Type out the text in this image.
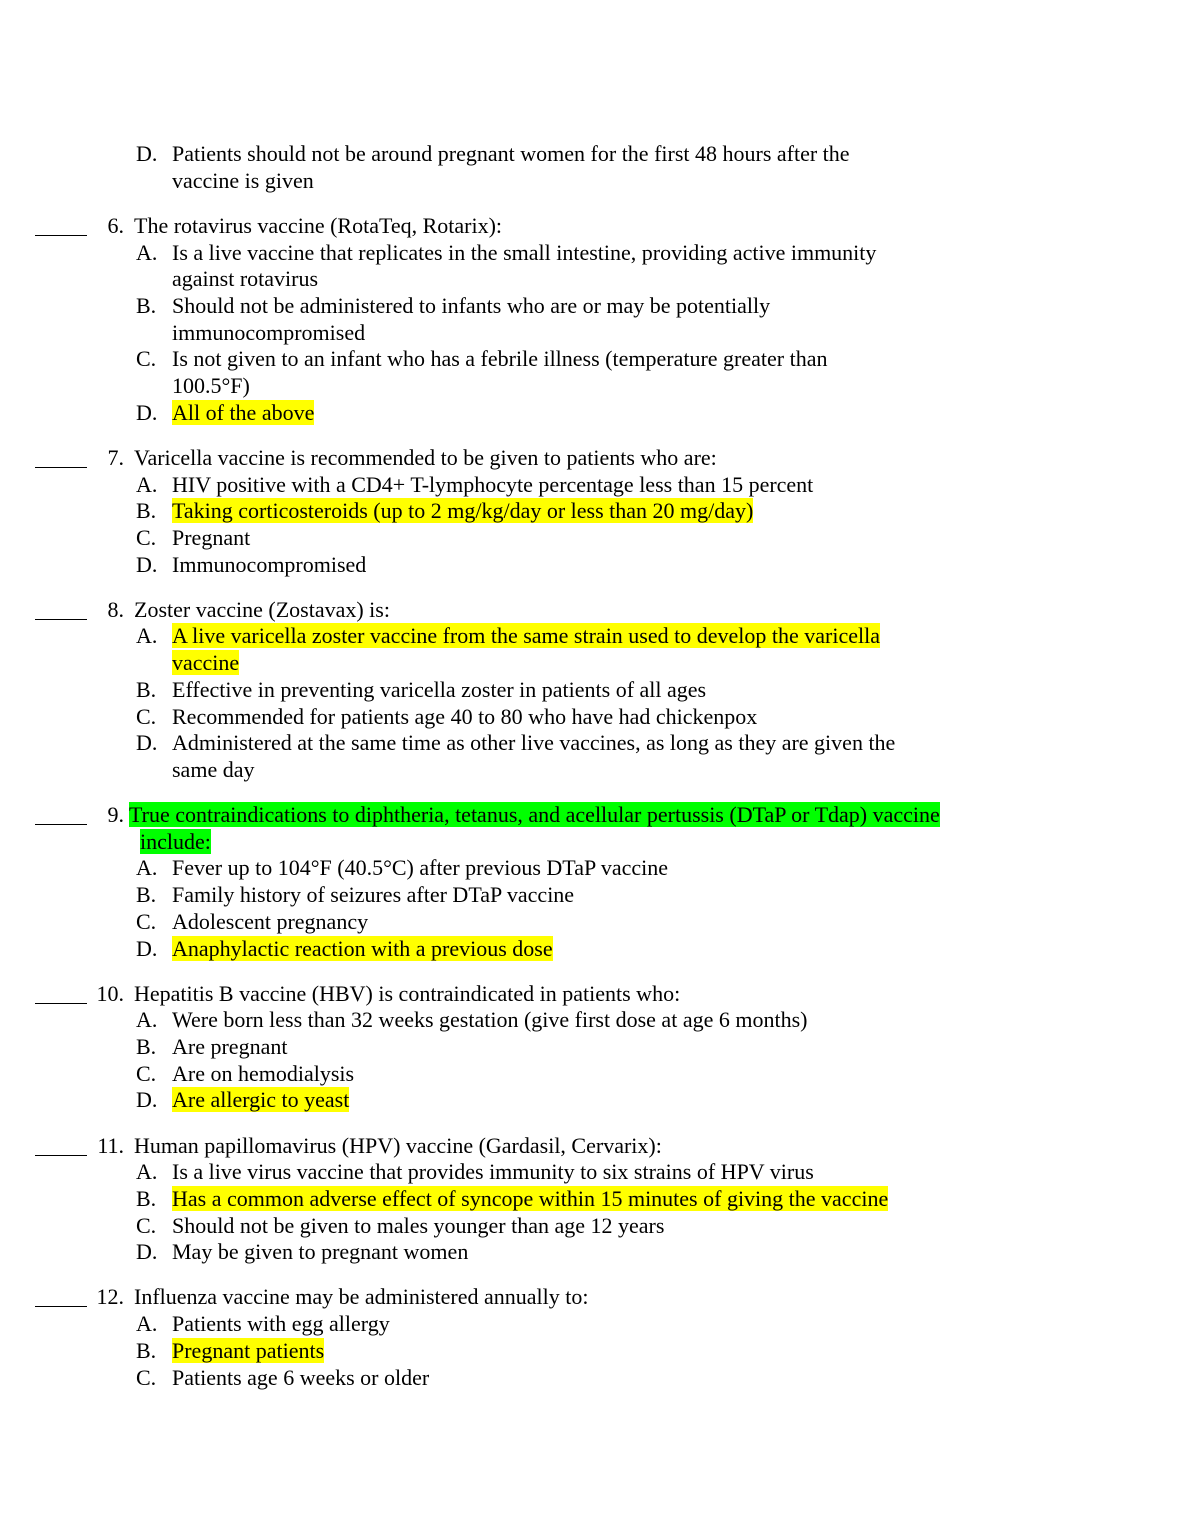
D. Patients should not be around pregnant women for the first 48 hours after the
vaccine is given
6. The rotavirus vaccine (RotaTeq, Rotarix):
A. Is a live vaccine that replicates in the small intestine, providing active immunity
against rotavirus
B. Should not be administered to infants who are or may be potentially
immunocompromised
C. Is not given to an infant who has a febrile illness (temperature greater than
100.5°F)
D. All of the above
7. Varicella vaccine is recommended to be given to patients who are:
A. HIV positive with a CD4+ T-lymphocyte percentage less than 15 percent
B. Taking corticosteroids (up to 2 mg/kg/day or less than 20 mg/day)
C. Pregnant
D. Immunocompromised
8. Zoster vaccine (Zostavax) is:
A. A live varicella zoster vaccine from the same strain used to develop the varicella
vaccine
B. Effective in preventing varicella zoster in patients of all ages
C. Recommended for patients age 40 to 80 who have had chickenpox
D. Administered at the same time as other live vaccines, as long as they are given the
same day
9. True contraindications to diphtheria, tetanus, and acellular pertussis (DTaP or Tdap) vaccine
include:
A. Fever up to 104°F (40.5°C) after previous DTaP vaccine
B. Family history of seizures after DTaP vaccine
C. Adolescent pregnancy
D. Anaphylactic reaction with a previous dose
10. Hepatitis B vaccine (HBV) is contraindicated in patients who:
A. Were born less than 32 weeks gestation (give first dose at age 6 months)
B. Are pregnant
C. Are on hemodialysis
D. Are allergic to yeast
11. Human papillomavirus (HPV) vaccine (Gardasil, Cervarix):
A. Is a live virus vaccine that provides immunity to six strains of HPV virus
B. Has a common adverse effect of syncope within 15 minutes of giving the vaccine
C. Should not be given to males younger than age 12 years
D. May be given to pregnant women
12. Influenza vaccine may be administered annually to:
A. Patients with egg allergy
B. Pregnant patients
C. Patients age 6 weeks or older
